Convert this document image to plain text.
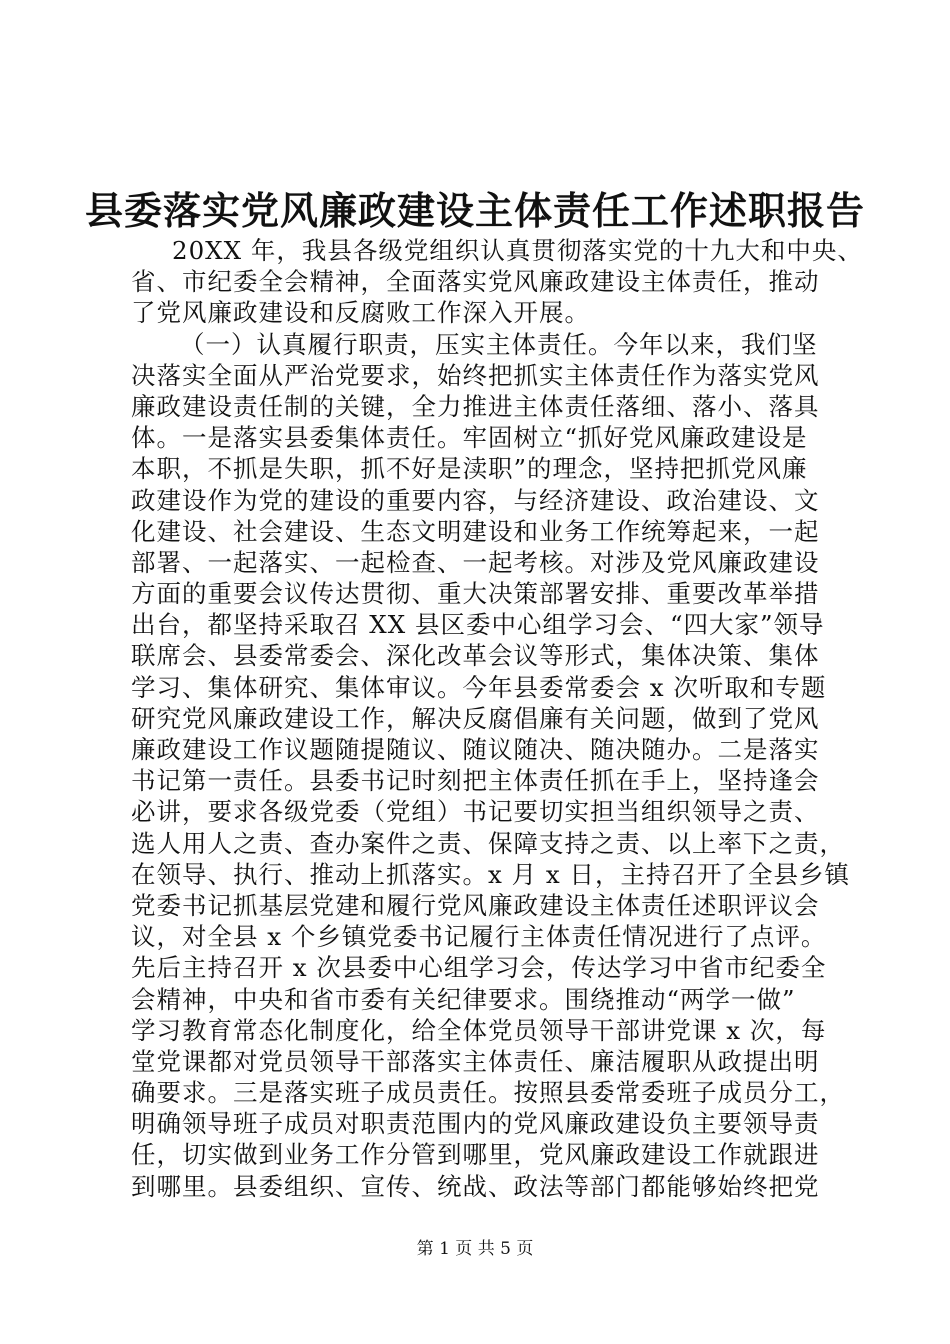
县委落实党风廉政建设主体责任工作述职报告
20XX 年，我县各级党组织认真贯彻落实党的十九大和中央、
省、市纪委全会精神，全面落实党风廉政建设主体责任，推动
了党风廉政建设和反腐败工作深入开展。
（一）认真履行职责，压实主体责任。今年以来，我们坚
决落实全面从严治党要求，始终把抓实主体责任作为落实党风
廉政建设责任制的关键，全力推进主体责任落细、落小、落具
体。一是落实县委集体责任。牢固树立“抓好党风廉政建设是
本职，不抓是失职，抓不好是渎职”的理念，坚持把抓党风廉
政建设作为党的建设的重要内容，与经济建设、政治建设、文
化建设、社会建设、生态文明建设和业务工作统筹起来，一起
部署、一起落实、一起检查、一起考核。对涉及党风廉政建设
方面的重要会议传达贯彻、重大决策部署安排、重要改革举措
出台，都坚持采取召 XX 县区委中心组学习会、“四大家”领导
联席会、县委常委会、深化改革会议等形式，集体决策、集体
学习、集体研究、集体审议。今年县委常委会 x 次听取和专题
研究党风廉政建设工作，解决反腐倡廉有关问题，做到了党风
廉政建设工作议题随提随议、随议随决、随决随办。二是落实
书记第一责任。县委书记时刻把主体责任抓在手上，坚持逢会
必讲，要求各级党委（党组）书记要切实担当组织领导之责、
选人用人之责、查办案件之责、保障支持之责、以上率下之责，
在领导、执行、推动上抓落实。x 月 x 日，主持召开了全县乡镇
党委书记抓基层党建和履行党风廉政建设主体责任述职评议会
议，对全县 x 个乡镇党委书记履行主体责任情况进行了点评。
先后主持召开 x 次县委中心组学习会，传达学习中省市纪委全
会精神，中央和省市委有关纪律要求。围绕推动“两学一做”
学习教育常态化制度化，给全体党员领导干部讲党课 x 次，每
堂党课都对党员领导干部落实主体责任、廉洁履职从政提出明
确要求。三是落实班子成员责任。按照县委常委班子成员分工，
明确领导班子成员对职责范围内的党风廉政建设负主要领导责
任，切实做到业务工作分管到哪里，党风廉政建设工作就跟进
到哪里。县委组织、宣传、统战、政法等部门都能够始终把党
第 1 页 共 5 页
